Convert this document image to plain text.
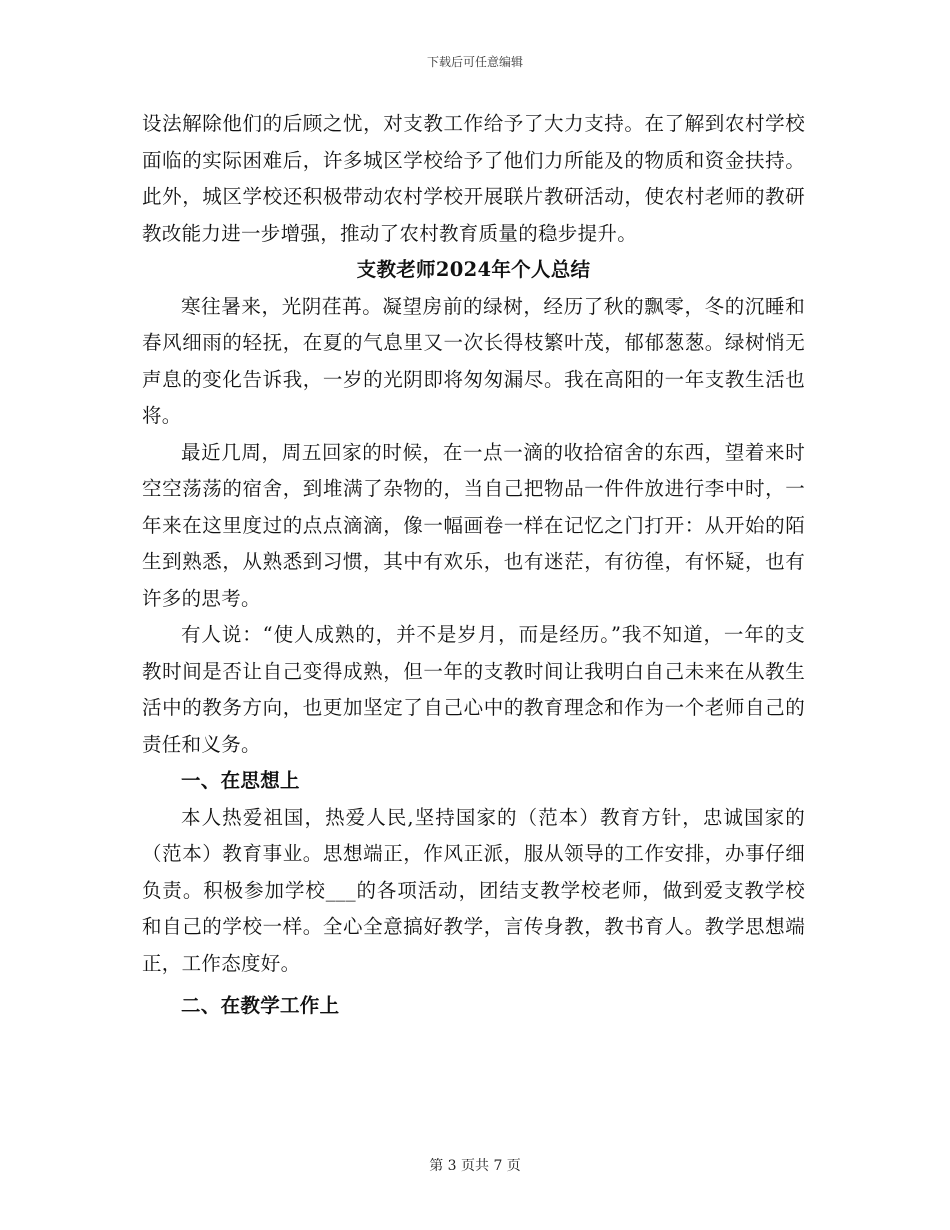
下载后可任意编辑

设法解除他们的后顾之忧，对支教工作给予了大力支持。在了解到农村学校面临的实际困难后，许多城区学校给予了他们力所能及的物质和资金扶持。此外，城区学校还积极带动农村学校开展联片教研活动，使农村老师的教研教改能力进一步增强，推动了农村教育质量的稳步提升。

支教老师2024年个人总结

寒往暑来，光阴荏苒。凝望房前的绿树，经历了秋的飘零，冬的沉睡和春风细雨的轻抚，在夏的气息里又一次长得枝繁叶茂，郁郁葱葱。绿树悄无声息的变化告诉我，一岁的光阴即将匆匆漏尽。我在高阳的一年支教生活也将。

最近几周，周五回家的时候，在一点一滴的收拾宿舍的东西，望着来时空空荡荡的宿舍，到堆满了杂物的，当自己把物品一件件放进行李中时，一年来在这里度过的点点滴滴，像一幅画卷一样在记忆之门打开：从开始的陌生到熟悉，从熟悉到习惯，其中有欢乐，也有迷茫，有彷徨，有怀疑，也有许多的思考。

有人说：“使人成熟的，并不是岁月，而是经历。”我不知道，一年的支教时间是否让自己变得成熟，但一年的支教时间让我明白自己未来在从教生活中的教务方向，也更加坚定了自己心中的教育理念和作为一个老师自己的责任和义务。

一、在思想上

本人热爱祖国，热爱人民,坚持国家的（范本）教育方针，忠诚国家的（范本）教育事业。思想端正，作风正派，服从领导的工作安排，办事仔细负责。积极参加学校___的各项活动，团结支教学校老师，做到爱支教学校和自己的学校一样。全心全意搞好教学，言传身教，教书育人。教学思想端正，工作态度好。

二、在教学工作上

第 3 页共 7 页
